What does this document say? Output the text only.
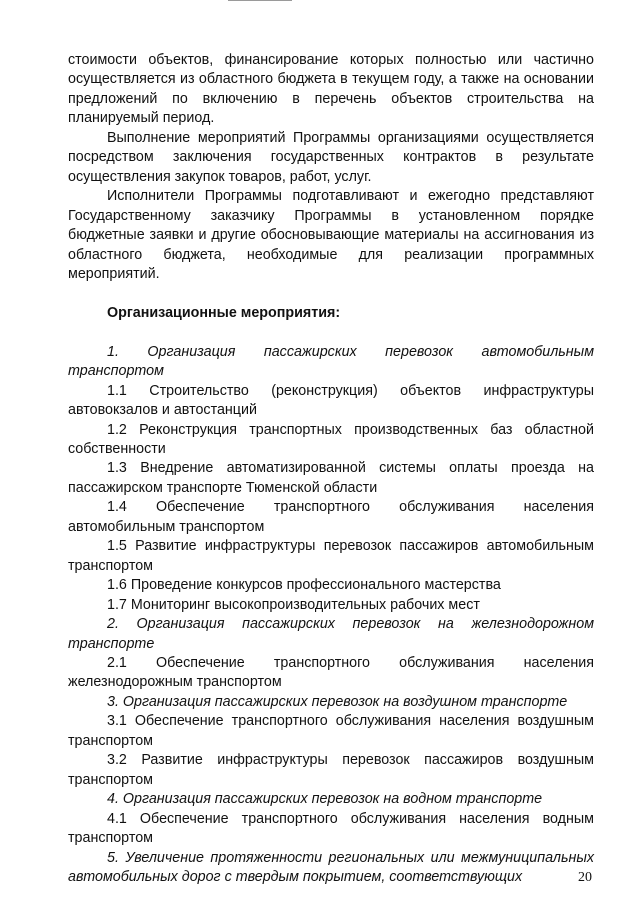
стоимости объектов, финансирование которых полностью или частично осуществляется из областного бюджета в текущем году, а также на основании предложений по включению в перечень объектов строительства на планируемый период.

Выполнение мероприятий Программы организациями осуществляется посредством заключения государственных контрактов в результате осуществления закупок товаров, работ, услуг.

Исполнители Программы подготавливают и ежегодно представляют Государственному заказчику Программы в установленном порядке бюджетные заявки и другие обосновывающие материалы на ассигнования из областного бюджета, необходимые для реализации программных мероприятий.

Организационные мероприятия:

1. Организация пассажирских перевозок автомобильным транспортом

1.1 Строительство (реконструкция) объектов инфраструктуры автовокзалов и автостанций

1.2 Реконструкция транспортных производственных баз областной собственности

1.3 Внедрение автоматизированной системы оплаты проезда на пассажирском транспорте Тюменской области

1.4 Обеспечение транспортного обслуживания населения автомобильным транспортом

1.5 Развитие инфраструктуры перевозок пассажиров автомобильным транспортом

1.6 Проведение конкурсов профессионального мастерства

1.7 Мониторинг высокопроизводительных рабочих мест

2. Организация пассажирских перевозок на железнодорожном транспорте

2.1 Обеспечение транспортного обслуживания населения железнодорожным транспортом

3. Организация пассажирских перевозок на воздушном транспорте

3.1 Обеспечение транспортного обслуживания населения воздушным транспортом

3.2 Развитие инфраструктуры перевозок пассажиров воздушным транспортом

4. Организация пассажирских перевозок на водном транспорте

4.1 Обеспечение транспортного обслуживания населения водным транспортом

5. Увеличение протяженности региональных или межмуниципальных автомобильных дорог с твердым покрытием, соответствующих	20
